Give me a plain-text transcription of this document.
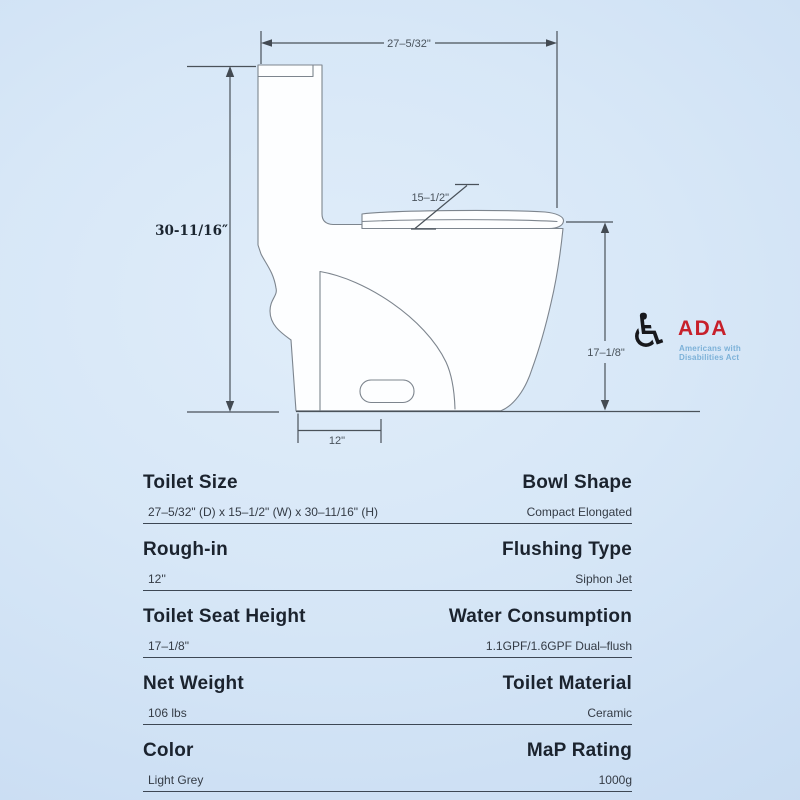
27–5/32"
15–1/2"
17–1/8"
12"
30-11/16″
♿ ADA
Americans with
Disabilities Act
Toilet Size	Bowl Shape
27–5/32" (D) x 15–1/2" (W) x 30–11/16" (H)	Compact Elongated
Rough-in	Flushing Type
12''	Siphon Jet
Toilet Seat Height	Water Consumption
17–1/8"	1.1GPF/1.6GPF Dual–flush
Net Weight	Toilet Material
106 lbs	Ceramic
Color	MaP Rating
Light Grey	1000g
